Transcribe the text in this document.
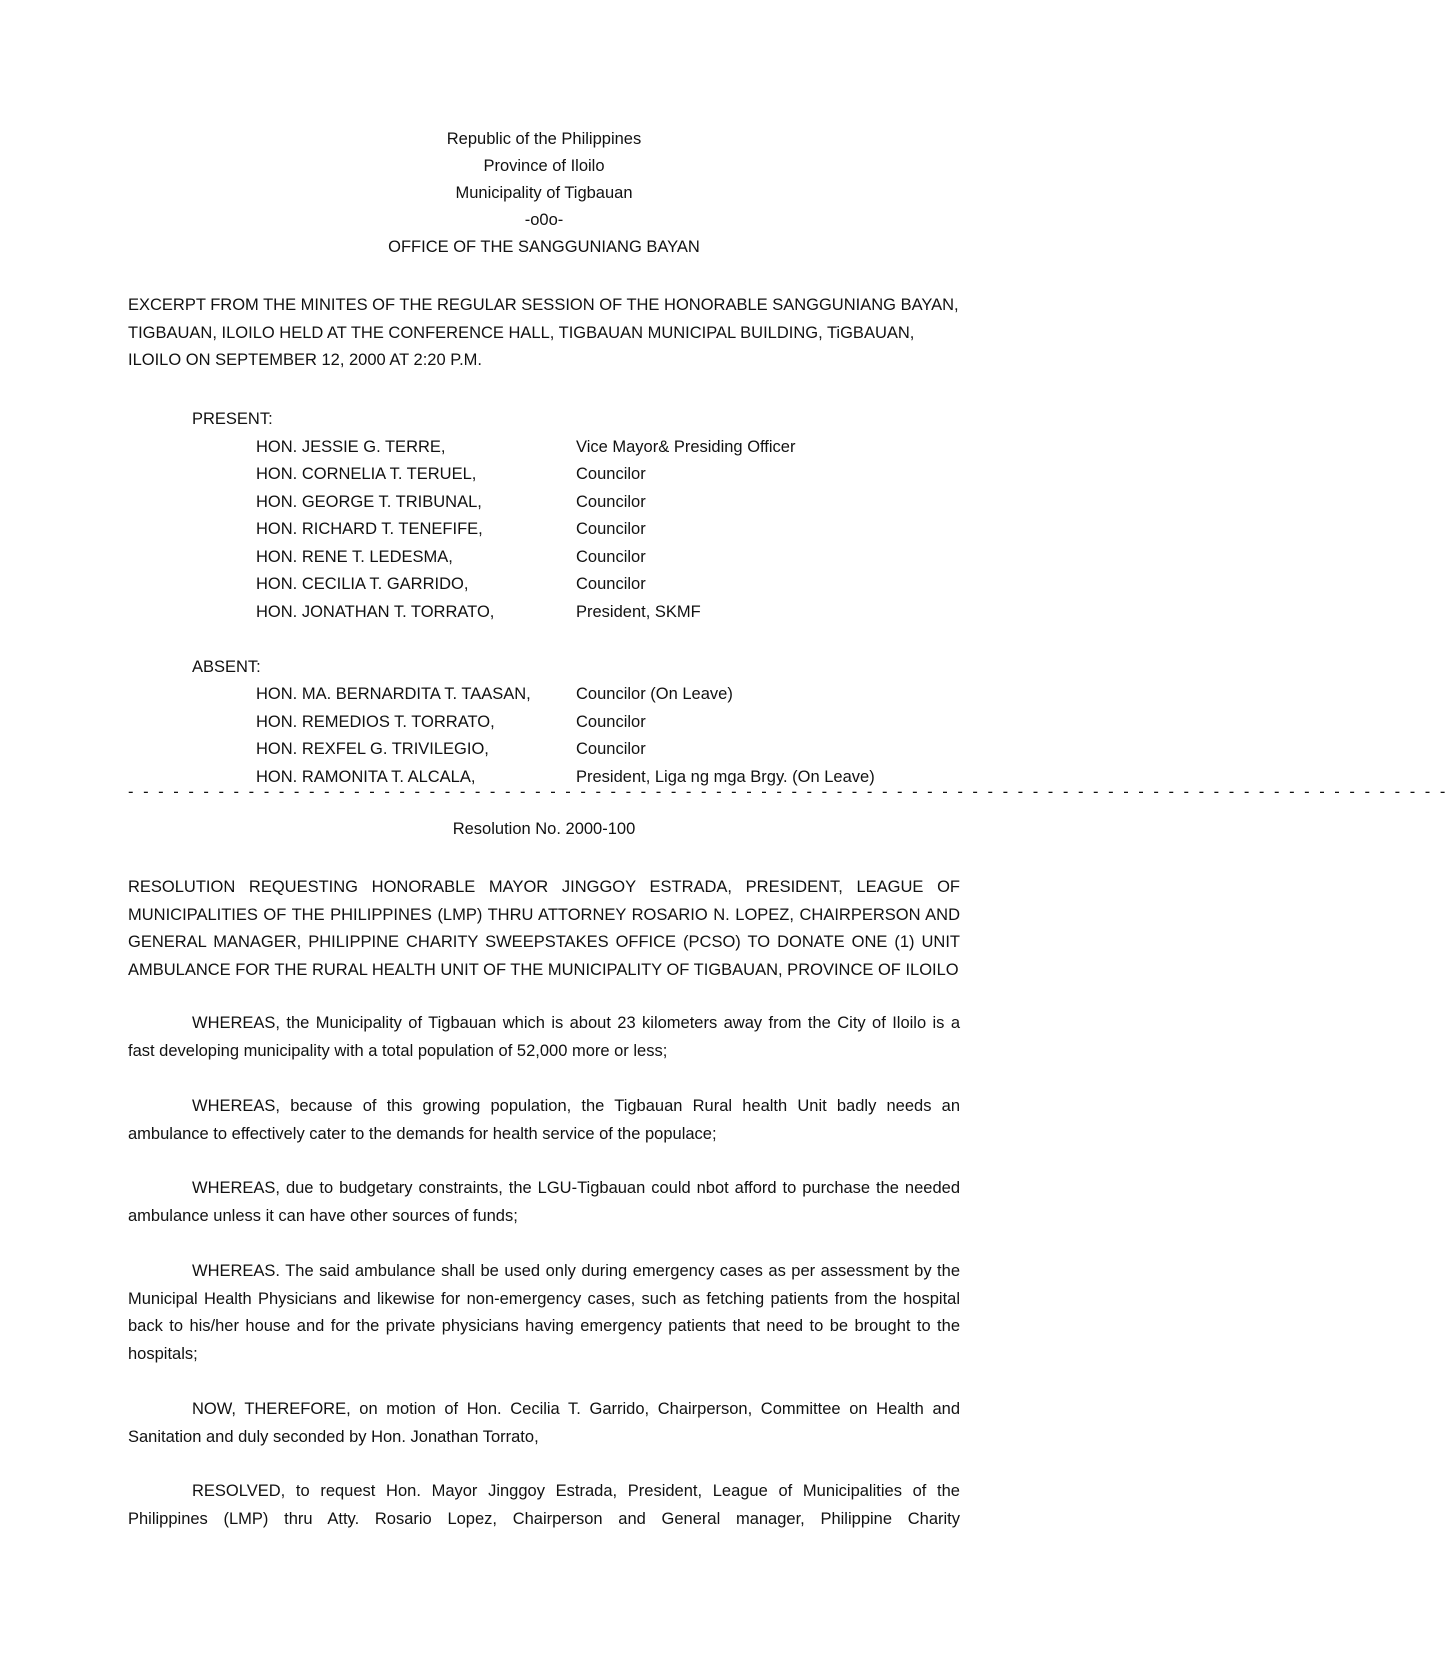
Republic of the Philippines
Province of Iloilo
Municipality of Tigbauan
-o0o-
OFFICE OF THE SANGGUNIANG BAYAN
EXCERPT FROM THE MINITES OF THE REGULAR SESSION OF THE HONORABLE SANGGUNIANG BAYAN, TIGBAUAN, ILOILO HELD AT THE CONFERENCE HALL, TIGBAUAN MUNICIPAL BUILDING, TiGBAUAN, ILOILO ON SEPTEMBER 12, 2000 AT 2:20 P.M.
PRESENT:
HON. JESSIE G. TERRE,	Vice Mayor& Presiding Officer
HON. CORNELIA T. TERUEL,	Councilor
HON. GEORGE T. TRIBUNAL,	Councilor
HON. RICHARD T. TENEFIFE,	Councilor
HON. RENE T. LEDESMA,	Councilor
HON. CECILIA T. GARRIDO,	Councilor
HON. JONATHAN T. TORRATO,	President, SKMF
ABSENT:
HON. MA. BERNARDITA T. TAASAN,	Councilor (On Leave)
HON. REMEDIOS T. TORRATO,	Councilor
HON. REXFEL G. TRIVILEGIO,	Councilor
HON. RAMONITA T. ALCALA,	President, Liga ng mga Brgy. (On Leave)
- - - - - - - - - - - - - - - - - - - - - - - - - - - - - - - - - - - - - - - - - - - - - - - - - - - - - - - - - - - - - - - - - - - - - - - - - - - - - - - - - - - - - - - -
Resolution No. 2000-100
RESOLUTION REQUESTING HONORABLE MAYOR JINGGOY ESTRADA, PRESIDENT, LEAGUE OF MUNICIPALITIES OF THE PHILIPPINES (LMP) THRU ATTORNEY ROSARIO N. LOPEZ, CHAIRPERSON AND GENERAL MANAGER, PHILIPPINE CHARITY SWEEPSTAKES OFFICE (PCSO) TO DONATE ONE (1) UNIT AMBULANCE FOR THE RURAL HEALTH UNIT OF THE MUNICIPALITY OF TIGBAUAN, PROVINCE OF ILOILO
WHEREAS, the Municipality of Tigbauan which is about 23 kilometers away from the City of Iloilo is a fast developing municipality with a total population of 52,000 more or less;
WHEREAS, because of this growing population, the Tigbauan Rural health Unit badly needs an ambulance to effectively cater to the demands for health service of the populace;
WHEREAS, due to budgetary constraints, the LGU-Tigbauan could nbot afford to purchase the needed ambulance unless it can have other sources of funds;
WHEREAS. The said ambulance shall be used only during emergency cases as per assessment by the Municipal Health Physicians and likewise for non-emergency cases, such as fetching patients from the hospital back to his/her house and for the private physicians having emergency patients that need to be brought to the hospitals;
NOW, THEREFORE, on motion of Hon. Cecilia T. Garrido, Chairperson, Committee on Health and Sanitation and duly seconded by Hon. Jonathan Torrato,
RESOLVED, to request Hon. Mayor Jinggoy Estrada, President, League of Municipalities of the Philippines (LMP) thru Atty. Rosario Lopez, Chairperson and General manager, Philippine Charity
